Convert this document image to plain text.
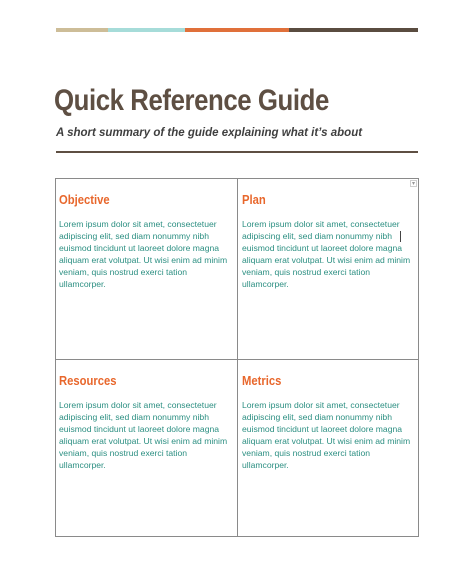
Quick Reference Guide

A short summary of the guide explaining what it’s about

Objective

Lorem ipsum dolor sit amet, consectetuer adipiscing elit, sed diam nonummy nibh euismod tincidunt ut laoreet dolore magna aliquam erat volutpat. Ut wisi enim ad minim veniam, quis nostrud exerci tation ullamcorper.

Plan

Lorem ipsum dolor sit amet, consectetuer adipiscing elit, sed diam nonummy nibh euismod tincidunt ut laoreet dolore magna aliquam erat volutpat. Ut wisi enim ad minim veniam, quis nostrud exerci tation ullamcorper.

Resources

Lorem ipsum dolor sit amet, consectetuer adipiscing elit, sed diam nonummy nibh euismod tincidunt ut laoreet dolore magna aliquam erat volutpat. Ut wisi enim ad minim veniam, quis nostrud exerci tation ullamcorper.

Metrics

Lorem ipsum dolor sit amet, consectetuer adipiscing elit, sed diam nonummy nibh euismod tincidunt ut laoreet dolore magna aliquam erat volutpat. Ut wisi enim ad minim veniam, quis nostrud exerci tation ullamcorper.

▾
